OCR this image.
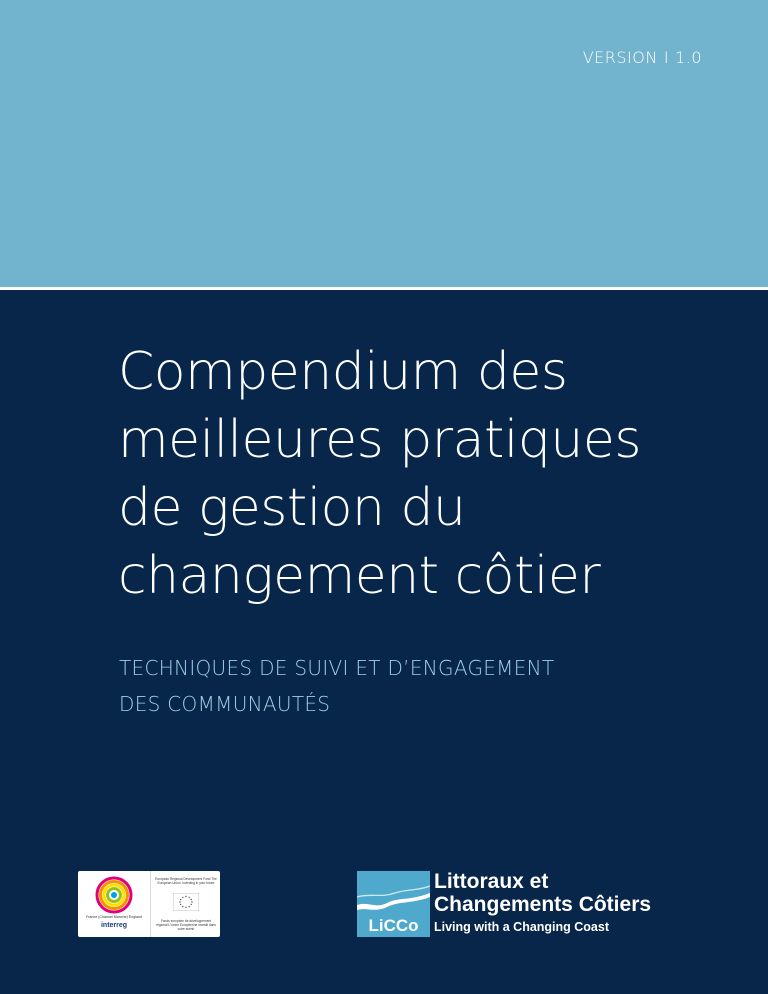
VERSION I 1.0
Compendium des
meilleures pratiques
de gestion du
changement côtier
TECHNIQUES DE SUIVI ET D’ENGAGEMENT
DES COMMUNAUTÉS
France (Channel Manche) England
interreg
European Regional Development Fund The European Union, investing in your future
Fonds européen de développement régional L’Union Européenne investit dans votre avenir	LiCCo
Littoraux et
Changements Côtiers
Living with a Changing Coast
